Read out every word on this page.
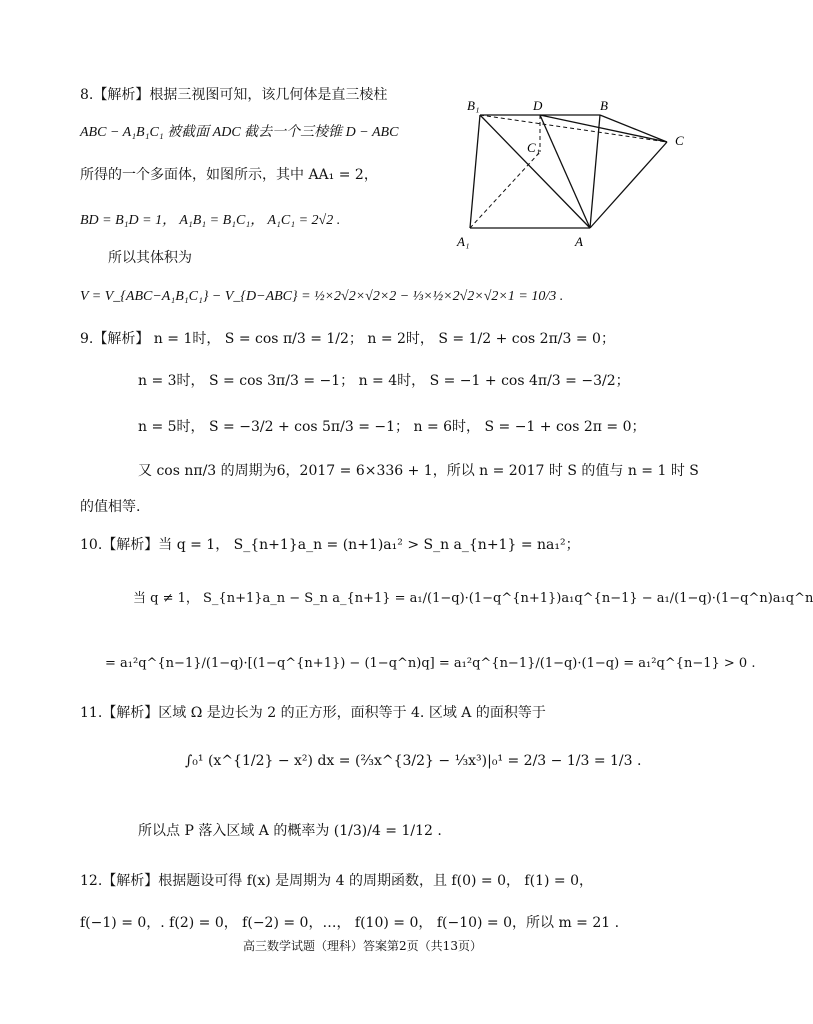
8.【解析】根据三视图可知，该几何体是直三棱柱
ABC − A₁B₁C₁ 被截面 ADC 截去一个三棱锥 D − ABC
所得的一个多面体，如图所示，其中 AA₁ = 2，
BD = B₁D = 1， A₁B₁ = B₁C₁， A₁C₁ = 2√2 .
所以其体积为
V = V_{ABC−A₁B₁C₁} − V_{D−ABC} = ½×2√2×√2×2 − ⅓×½×2√2×√2×1 = 10/3 .
B₁	D	B
C
C₁
A₁	A
9.【解析】 n = 1时， S = cos π/3 = 1/2； n = 2时， S = 1/2 + cos 2π/3 = 0；
n = 3时， S = cos 3π/3 = −1； n = 4时， S = −1 + cos 4π/3 = −3/2；
n = 5时， S = −3/2 + cos 5π/3 = −1； n = 6时， S = −1 + cos 2π = 0；
又 cos nπ/3 的周期为6，2017 = 6×336 + 1，所以 n = 2017 时 S 的值与 n = 1 时 S
的值相等.
10.【解析】当 q = 1， S_{n+1}a_n = (n+1)a₁² > S_n a_{n+1} = na₁²；
当 q ≠ 1， S_{n+1}a_n − S_n a_{n+1} = a₁/(1−q)·(1−q^{n+1})a₁q^{n−1} − a₁/(1−q)·(1−q^n)a₁q^n
= a₁²q^{n−1}/(1−q)·[(1−q^{n+1}) − (1−q^n)q] = a₁²q^{n−1}/(1−q)·(1−q) = a₁²q^{n−1} > 0 .
11.【解析】区域 Ω 是边长为 2 的正方形，面积等于 4. 区域 A 的面积等于
∫₀¹ (x^{1/2} − x²) dx = (⅔x^{3/2} − ⅓x³)|₀¹ = 2/3 − 1/3 = 1/3 .
所以点 P 落入区域 A 的概率为 (1/3)/4 = 1/12 .
12.【解析】根据题设可得 f(x) 是周期为 4 的周期函数，且 f(0) = 0， f(1) = 0，
f(−1) = 0，. f(2) = 0， f(−2) = 0，…， f(10) = 0， f(−10) = 0，所以 m = 21 .
高三数学试题（理科）答案第2页（共13页）
